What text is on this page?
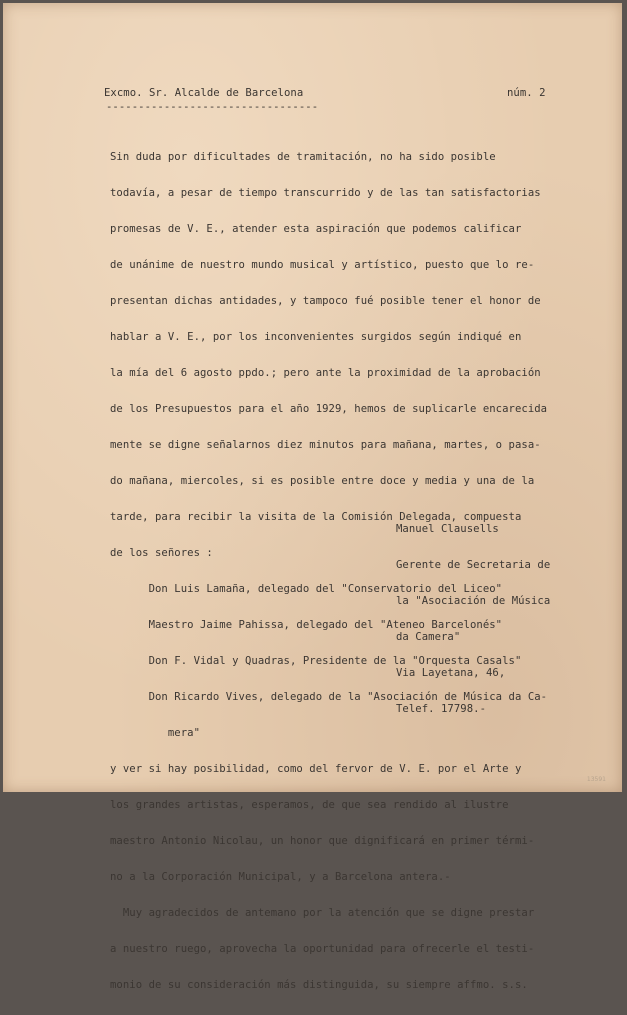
Excmo. Sr. Alcalde de Barcelona	núm. 2
---------------------------------

Sin duda por dificultades de tramitación, no ha sido posible

todavía, a pesar de tiempo transcurrido y de las tan satisfactorias

promesas de V. E., atender esta aspiración que podemos calificar

de unánime de nuestro mundo musical y artístico, puesto que lo re-

presentan dichas antidades, y tampoco fué posible tener el honor de

hablar a V. E., por los inconvenientes surgidos según indiqué en

la mía del 6 agosto ppdo.; pero ante la proximidad de la aprobación

de los Presupuestos para el año 1929, hemos de suplicarle encarecida

mente se digne señalarnos diez minutos para mañana, martes, o pasa-

do mañana, miercoles, si es posible entre doce y media y una de la

tarde, para recibir la visita de la Comisión Delegada, compuesta

de los señores :

Don Luis Lamaña, delegado del "Conservatorio del Liceo"

Maestro Jaime Pahissa, delegado del "Ateneo Barcelonés"

Don F. Vidal y Quadras, Presidente de la "Orquesta Casals"

Don Ricardo Vives, delegado de la "Asociación de Música da Ca-

mera"

y ver si hay posibilidad, como del fervor de V. E. por el Arte y

los grandes artistas, esperamos, de que sea rendido al ilustre

maestro Antonio Nicolau, un honor que dignificará en primer térmi-

no a la Corporación Municipal, y a Barcelona antera.-

Muy agradecidos de antemano por la atención que se digne prestar

a nuestro ruego, aprovecha la oportunidad para ofrecerle el testi-

monio de su consideración más distinguida, su siempre affmo. s.s.

Manuel Clausells

Gerente de Secretaria de

la "Asociación de Música

da Camera"

Via Layetana, 46,

Telef. 17798.-

13591
